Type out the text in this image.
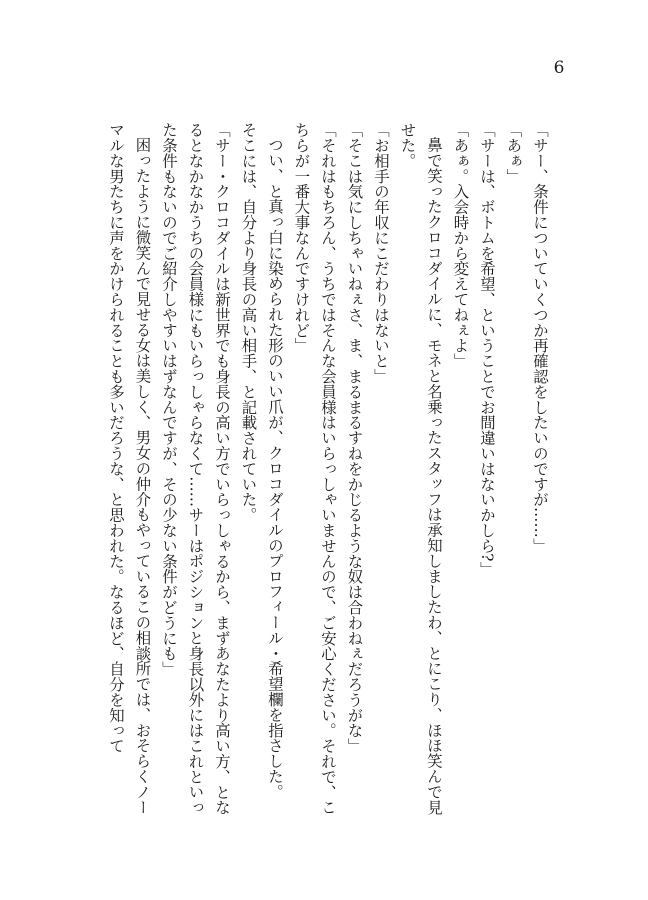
6

「サー、条件についていくつか再確認をしたいのですが……」

「あぁ」

「サーは、ボトムを希望、ということでお間違いはないかしら?」

「あぁ。入会時から変えてねぇよ」

鼻で笑ったクロコダイルに、モネと名乗ったスタッフは承知しましたわ、とにこり、ほほ笑んで見せた。

「お相手の年収にこだわりはないと」

「そこは気にしちゃいねぇさ、ま、まるまるすねをかじるような奴は合わねぇだろうがな」

「それはもちろん、うちではそんな会員様はいらっしゃいませんので、ご安心ください。それで、こちらが一番大事なんですけれど」

つい、と真っ白に染められた形のいい爪が、クロコダイルのプロフィール・希望欄を指さした。

そこには、自分より身長の高い相手、と記載されていた。

「サー・クロコダイルは新世界でも身長の高い方でいらっしゃるから、まずあなたより高い方、となるとなかなかうちの会員様にもいらっしゃらなくて……サーはポジションと身長以外にはこれといった条件もないのでご紹介しやすいはずなんですが、その少ない条件がどうにも」

困ったように微笑んで見せる女は美しく、男女の仲介もやっているこの相談所では、おそらくノーマルな男たちに声をかけられることも多いだろうな、と思われた。なるほど、自分を知って
